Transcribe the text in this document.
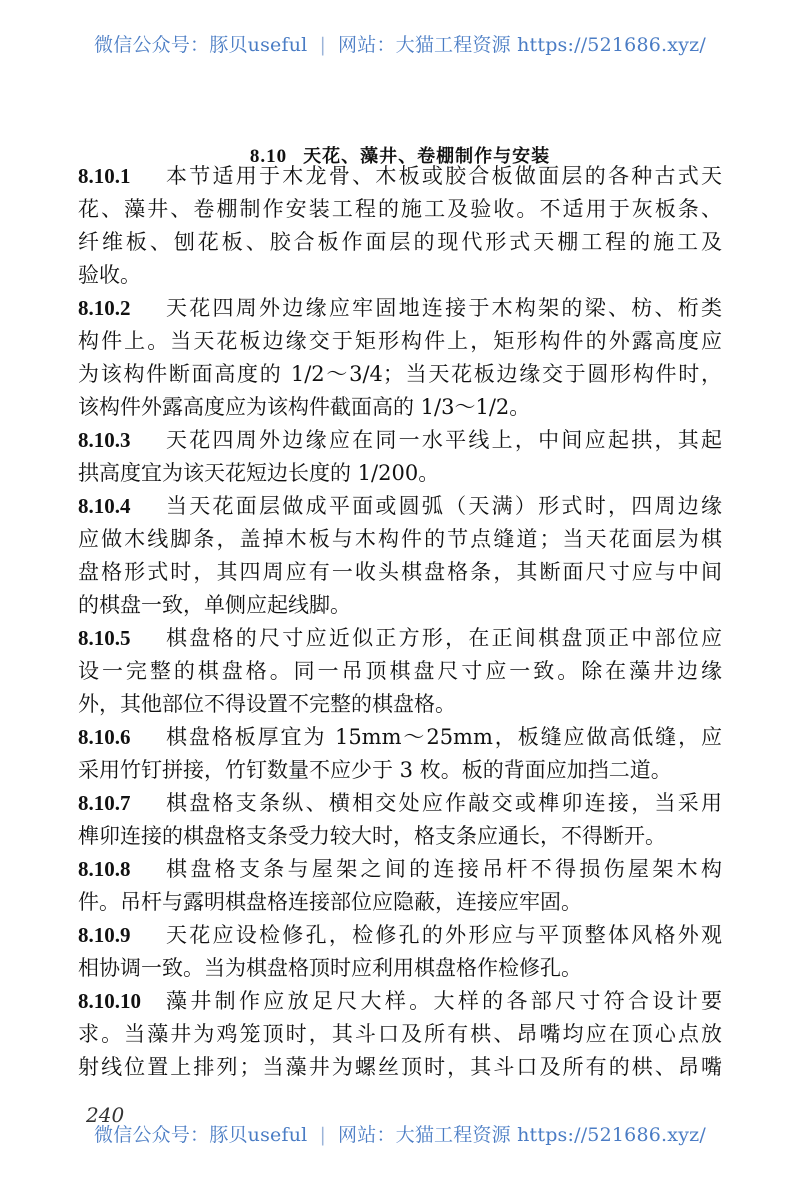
微信公众号：豚贝useful | 网站：大猫工程资源 https://521686.xyz/
8.10 天花、藻井、卷棚制作与安装
8.10.1	本节适用于木龙骨、木板或胶合板做面层的各种古式天
花、藻井、卷棚制作安装工程的施工及验收。不适用于灰板条、
纤维板、刨花板、胶合板作面层的现代形式天棚工程的施工及
验收。
8.10.2	天花四周外边缘应牢固地连接于木构架的梁、枋、桁类
构件上。当天花板边缘交于矩形构件上，矩形构件的外露高度应
为该构件断面高度的 1/2～3/4；当天花板边缘交于圆形构件时，
该构件外露高度应为该构件截面高的 1/3～1/2。
8.10.3	天花四周外边缘应在同一水平线上，中间应起拱，其起
拱高度宜为该天花短边长度的 1/200。
8.10.4	当天花面层做成平面或圆弧（天满）形式时，四周边缘
应做木线脚条，盖掉木板与木构件的节点缝道；当天花面层为棋
盘格形式时，其四周应有一收头棋盘格条，其断面尺寸应与中间
的棋盘一致，单侧应起线脚。
8.10.5	棋盘格的尺寸应近似正方形，在正间棋盘顶正中部位应
设一完整的棋盘格。同一吊顶棋盘尺寸应一致。除在藻井边缘
外，其他部位不得设置不完整的棋盘格。
8.10.6	棋盘格板厚宜为 15mm～25mm，板缝应做高低缝，应
采用竹钉拼接，竹钉数量不应少于 3 枚。板的背面应加挡二道。
8.10.7	棋盘格支条纵、横相交处应作敲交或榫卯连接，当采用
榫卯连接的棋盘格支条受力较大时，格支条应通长，不得断开。
8.10.8	棋盘格支条与屋架之间的连接吊杆不得损伤屋架木构
件。吊杆与露明棋盘格连接部位应隐蔽，连接应牢固。
8.10.9	天花应设检修孔，检修孔的外形应与平顶整体风格外观
相协调一致。当为棋盘格顶时应利用棋盘格作检修孔。
8.10.10	藻井制作应放足尺大样。大样的各部尺寸符合设计要
求。当藻井为鸡笼顶时，其斗口及所有栱、昂嘴均应在顶心点放
射线位置上排列；当藻井为螺丝顶时，其斗口及所有的栱、昂嘴
240
微信公众号：豚贝useful | 网站：大猫工程资源 https://521686.xyz/
